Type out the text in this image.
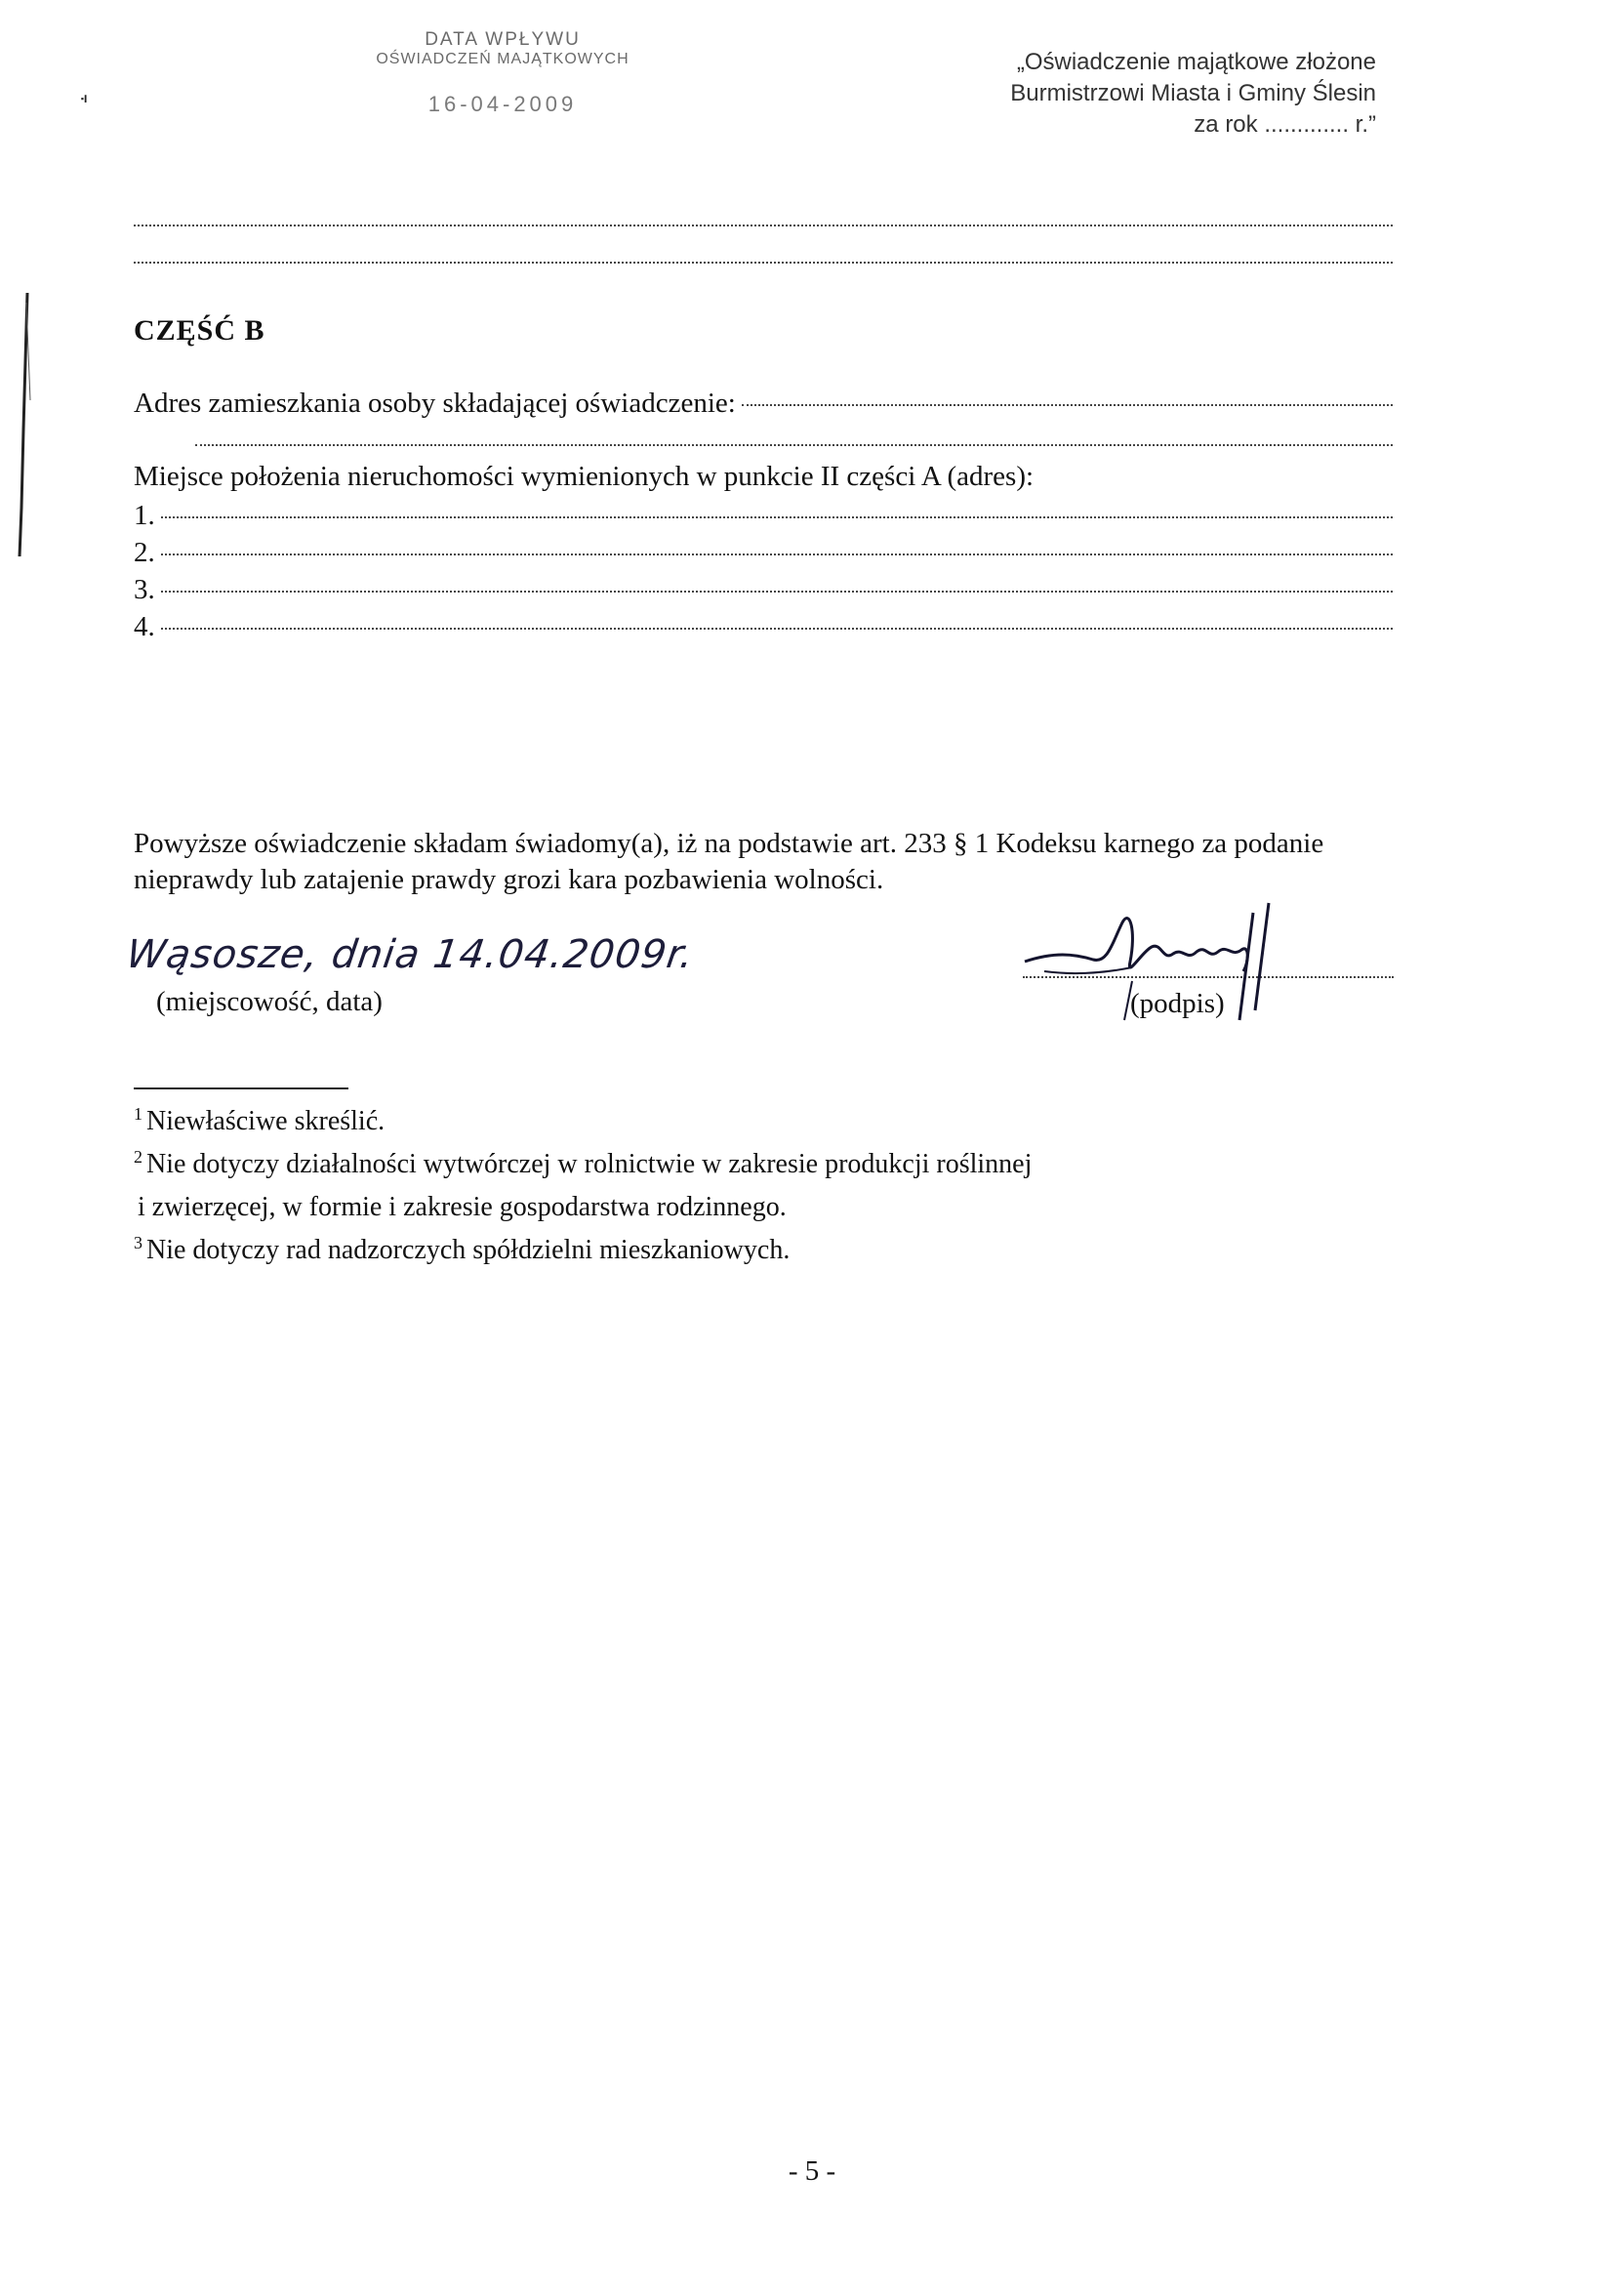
DATA WPŁYWU
OŚWIADCZEŃ MAJĄTKOWYCH
16-04-2009
„Oświadczenie majątkowe złożone
Burmistrzowi Miasta i Gminy Ślesin
za rok ............. r.”
CZĘŚĆ B
Adres zamieszkania osoby składającej oświadczenie:
Miejsce położenia nieruchomości wymienionych w punkcie II części A (adres):
1.
2.
3.
4.
Powyższe oświadczenie składam świadomy(a), iż na podstawie art. 233 § 1 Kodeksu karnego za podanie nieprawdy lub zatajenie prawdy grozi kara pozbawienia wolności.
Wąsosze, dnia 14.04.2009r.
(miejscowość, data)	(podpis)
$^1$ Niewłaściwe skreślić.
$^2$ Nie dotyczy działalności wytwórczej w rolnictwie w zakresie produkcji roślinnej
i zwierzęcej, w formie i zakresie gospodarstwa rodzinnego.
$^3$ Nie dotyczy rad nadzorczych spółdzielni mieszkaniowych.
- 5 -
